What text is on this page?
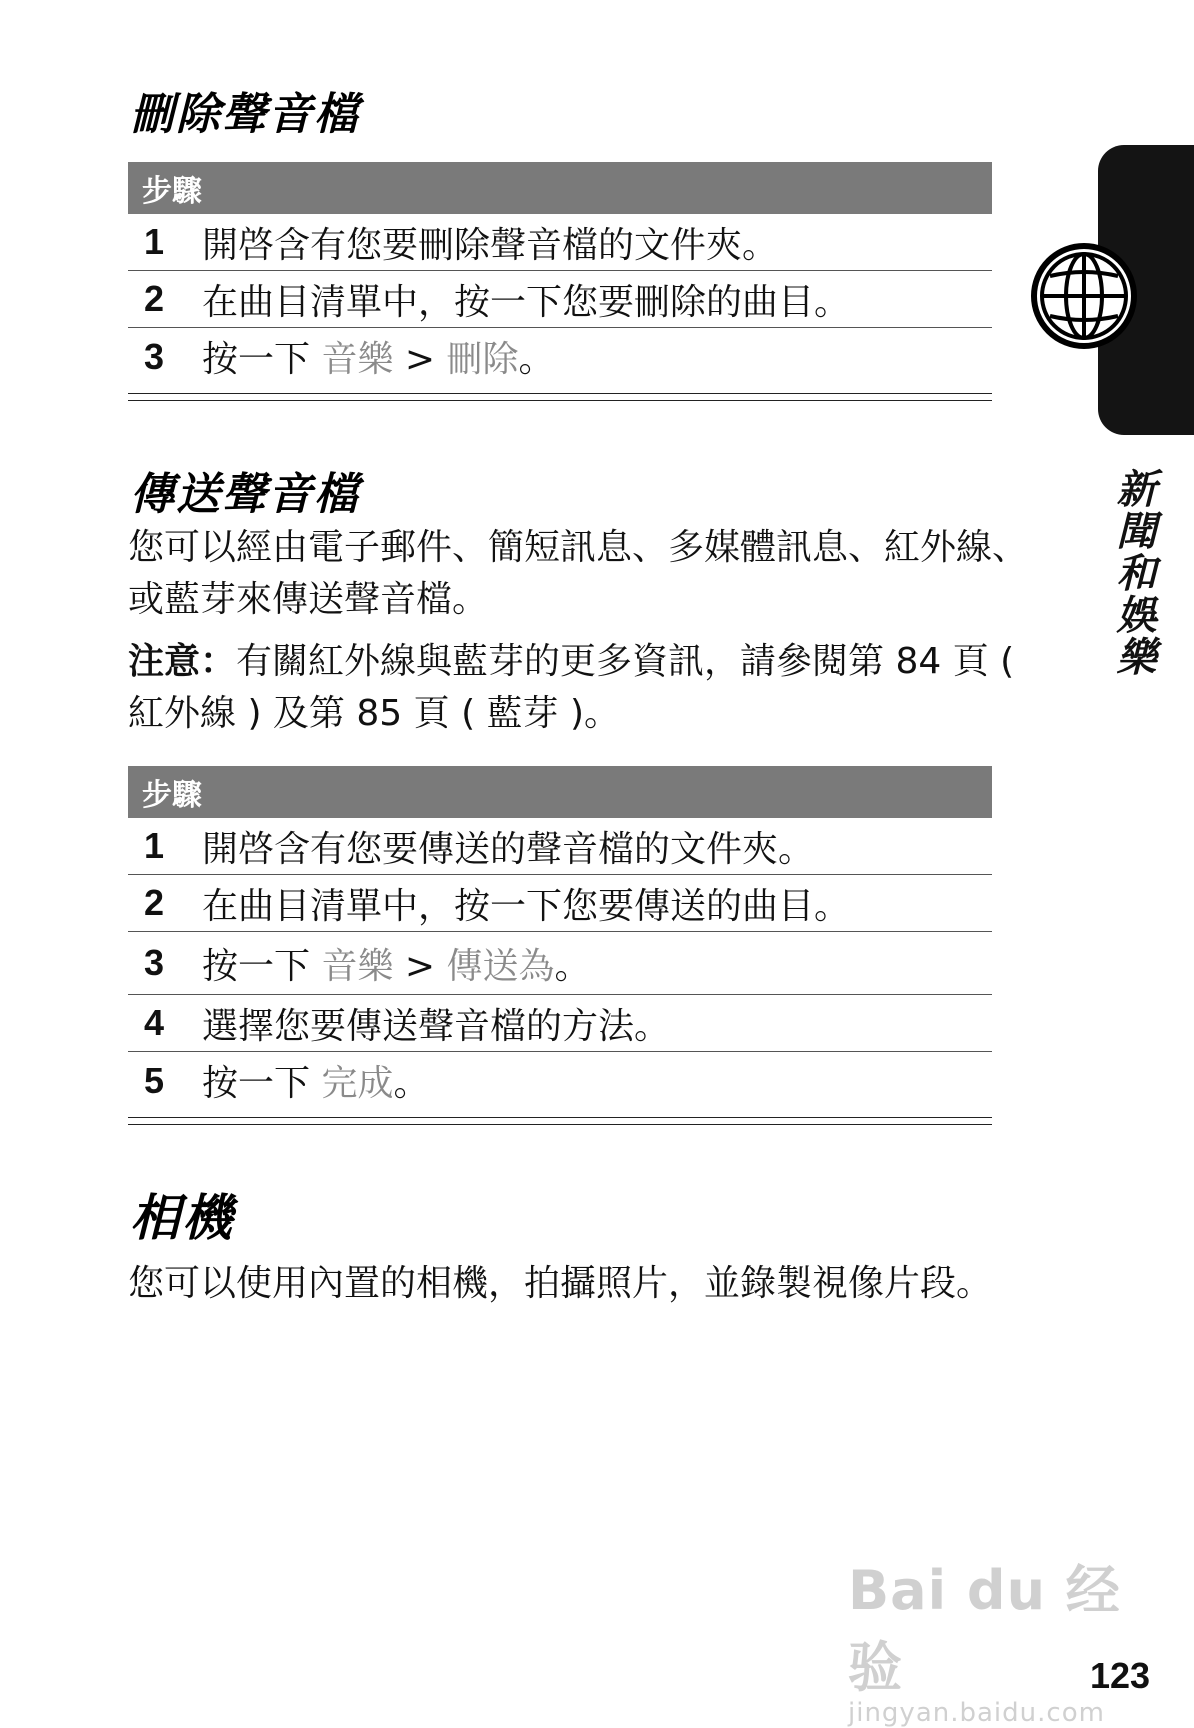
新聞和娛樂
刪除聲音檔
步驟
1	開啓含有您要刪除聲音檔的文件夾。
2	在曲目清單中，按一下您要刪除的曲目。
3	按一下 音樂 > 刪除。
傳送聲音檔
您可以經由電子郵件、簡短訊息、多媒體訊息、紅外線、或藍芽來傳送聲音檔。
注意：有關紅外線與藍芽的更多資訊，請參閱第 84 頁 ( 紅外線 ) 及第 85 頁 ( 藍芽 )。
步驟
1	開啓含有您要傳送的聲音檔的文件夾。
2	在曲目清單中，按一下您要傳送的曲目。
3	按一下 音樂 > 傳送為。
4	選擇您要傳送聲音檔的方法。
5	按一下 完成。
相機
您可以使用內置的相機，拍攝照片，並錄製視像片段。
Bai du 经验
jingyan.baidu.com
123
